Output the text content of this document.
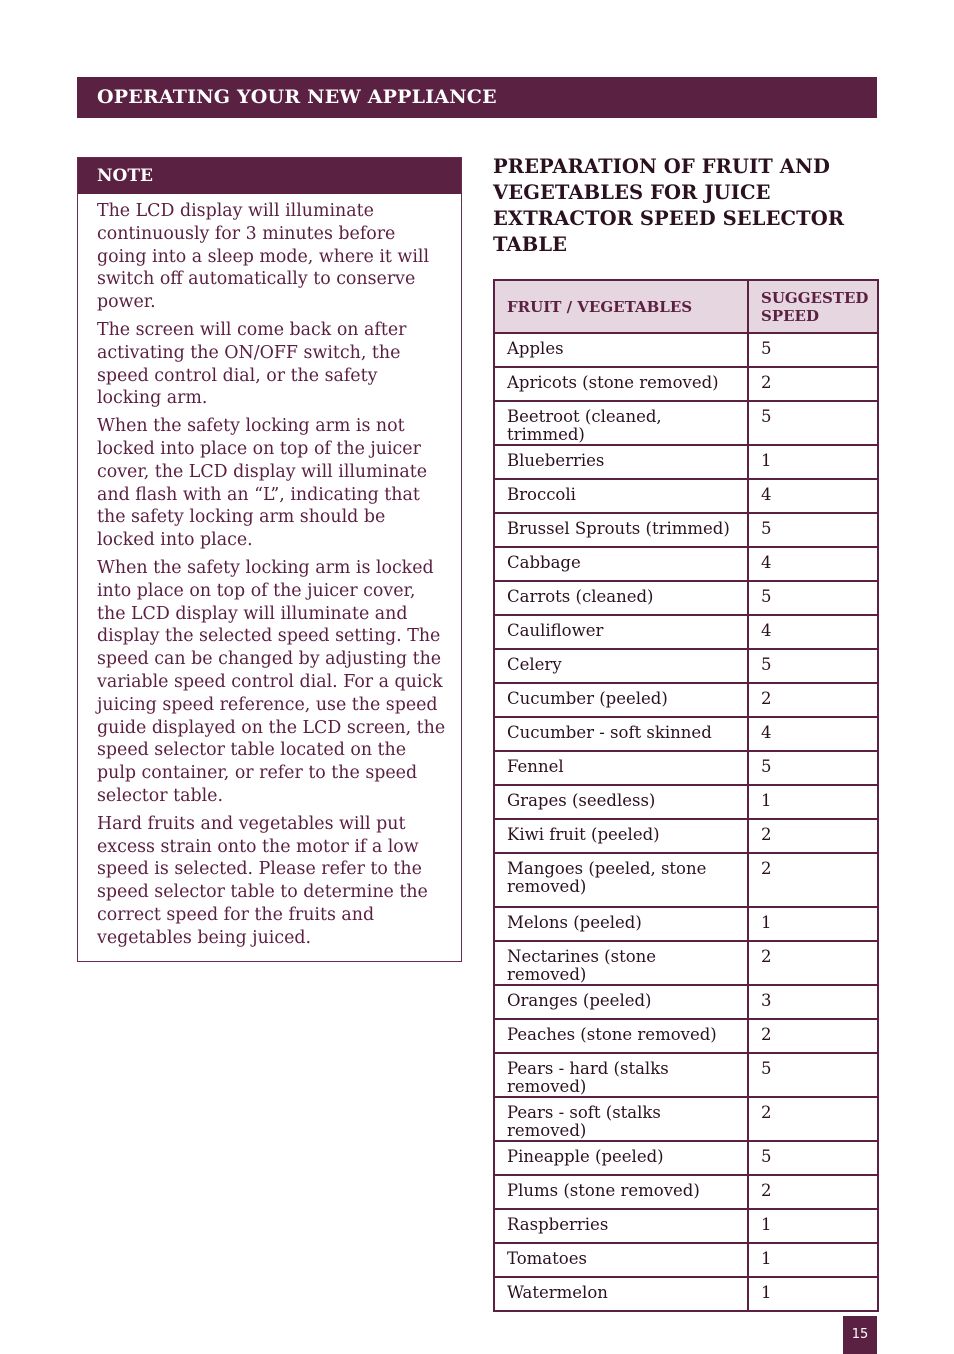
OPERATING YOUR NEW APPLIANCE
NOTE

The LCD display will illuminate continuously for 3 minutes before going into a sleep mode, where it will switch off automatically to conserve power.

The screen will come back on after activating the ON/OFF switch, the speed control dial, or the safety locking arm.

When the safety locking arm is not locked into place on top of the juicer cover, the LCD display will illuminate and flash with an “L”, indicating that the safety locking arm should be locked into place.

When the safety locking arm is locked into place on top of the juicer cover, the LCD display will illuminate and display the selected speed setting. The speed can be changed by adjusting the variable speed control dial. For a quick juicing speed reference, use the speed guide displayed on the LCD screen, the speed selector table located on the pulp container, or refer to the speed selector table.

Hard fruits and vegetables will put excess strain onto the motor if a low speed is selected. Please refer to the speed selector table to determine the correct speed for the fruits and vegetables being juiced.

PREPARATION OF FRUIT AND VEGETABLES FOR JUICE EXTRACTOR SPEED SELECTOR TABLE
FRUIT / VEGETABLES	SUGGESTED SPEED
Apples	5
Apricots (stone removed)	2
Beetroot (cleaned, trimmed)	5
Blueberries	1
Broccoli	4
Brussel Sprouts (trimmed)	5
Cabbage	4
Carrots (cleaned)	5
Cauliflower	4
Celery	5
Cucumber (peeled)	2
Cucumber - soft skinned	4
Fennel	5
Grapes (seedless)	1
Kiwi fruit (peeled)	2
Mangoes (peeled, stone removed)	2
Melons (peeled)	1
Nectarines (stone removed)	2
Oranges (peeled)	3
Peaches (stone removed)	2
Pears - hard (stalks removed)	5
Pears - soft (stalks removed)	2
Pineapple (peeled)	5
Plums (stone removed)	2
Raspberries	1
Tomatoes	1
Watermelon	1
15
